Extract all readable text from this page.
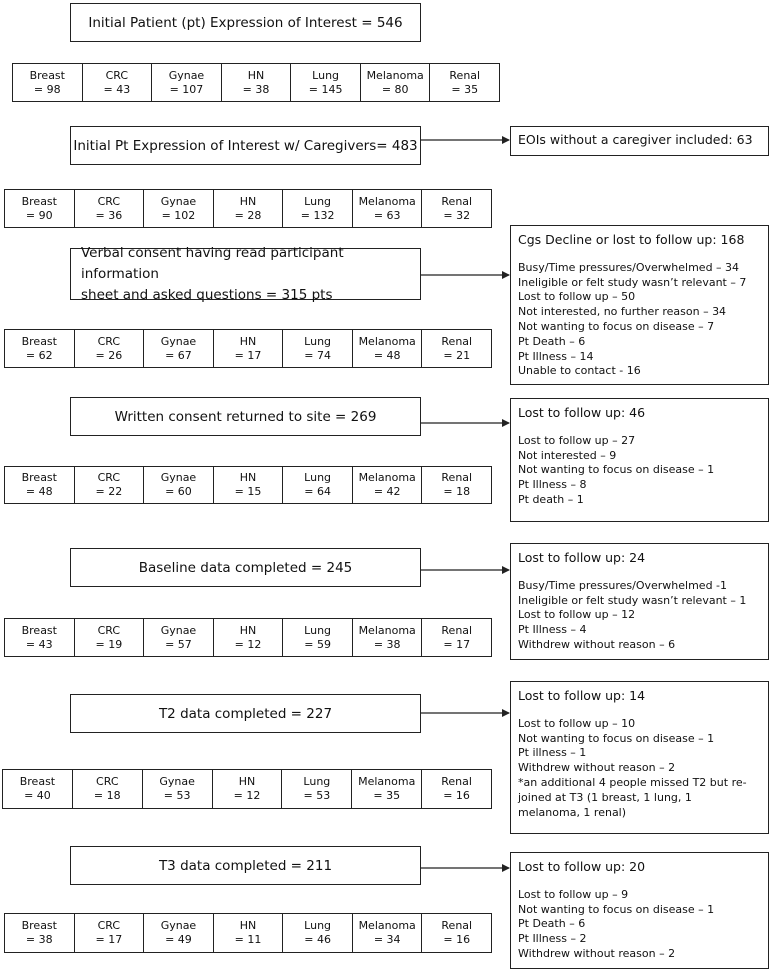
Initial Patient (pt) Expression of Interest = 546
Initial Pt Expression of Interest w/ Caregivers= 483
Verbal consent having read participant information
sheet and asked questions = 315 pts
Written consent returned to site = 269
Baseline data completed = 245
T2 data completed = 227
T3 data completed = 211
Breast
= 98
CRC
= 43
Gynae
= 107
HN
= 38
Lung
= 145
Melanoma
= 80
Renal
= 35
Breast
= 90
CRC
= 36
Gynae
= 102
HN
= 28
Lung
= 132
Melanoma
= 63
Renal
= 32
Breast
= 62
CRC
= 26
Gynae
= 67
HN
= 17
Lung
= 74
Melanoma
= 48
Renal
= 21
Breast
= 48
CRC
= 22
Gynae
= 60
HN
= 15
Lung
= 64
Melanoma
= 42
Renal
= 18
Breast
= 43
CRC
= 19
Gynae
= 57
HN
= 12
Lung
= 59
Melanoma
= 38
Renal
= 17
Breast
= 40
CRC
= 18
Gynae
= 53
HN
= 12
Lung
= 53
Melanoma
= 35
Renal
= 16
Breast
= 38
CRC
= 17
Gynae
= 49
HN
= 11
Lung
= 46
Melanoma
= 34
Renal
= 16
EOIs without a caregiver included: 63
Cgs Decline or lost to follow up: 168
Busy/Time pressures/Overwhelmed – 34
Ineligible or felt study wasn’t relevant – 7
Lost to follow up – 50
Not interested, no further reason – 34
Not wanting to focus on disease – 7
Pt Death – 6
Pt Illness – 14
Unable to contact - 16
Lost to follow up: 46
Lost to follow up – 27
Not interested – 9
Not wanting to focus on disease – 1
Pt Illness – 8
Pt death – 1
Lost to follow up: 24
Busy/Time pressures/Overwhelmed -1
Ineligible or felt study wasn’t relevant – 1
Lost to follow up – 12
Pt Illness – 4
Withdrew without reason – 6
Lost to follow up: 14
Lost to follow up – 10
Not wanting to focus on disease – 1
Pt illness – 1
Withdrew without reason – 2
*an additional 4 people missed T2 but re-joined at T3 (1 breast, 1 lung, 1 melanoma, 1 renal)
Lost to follow up: 20
Lost to follow up – 9
Not wanting to focus on disease – 1
Pt Death – 6
Pt Illness – 2
Withdrew without reason – 2
